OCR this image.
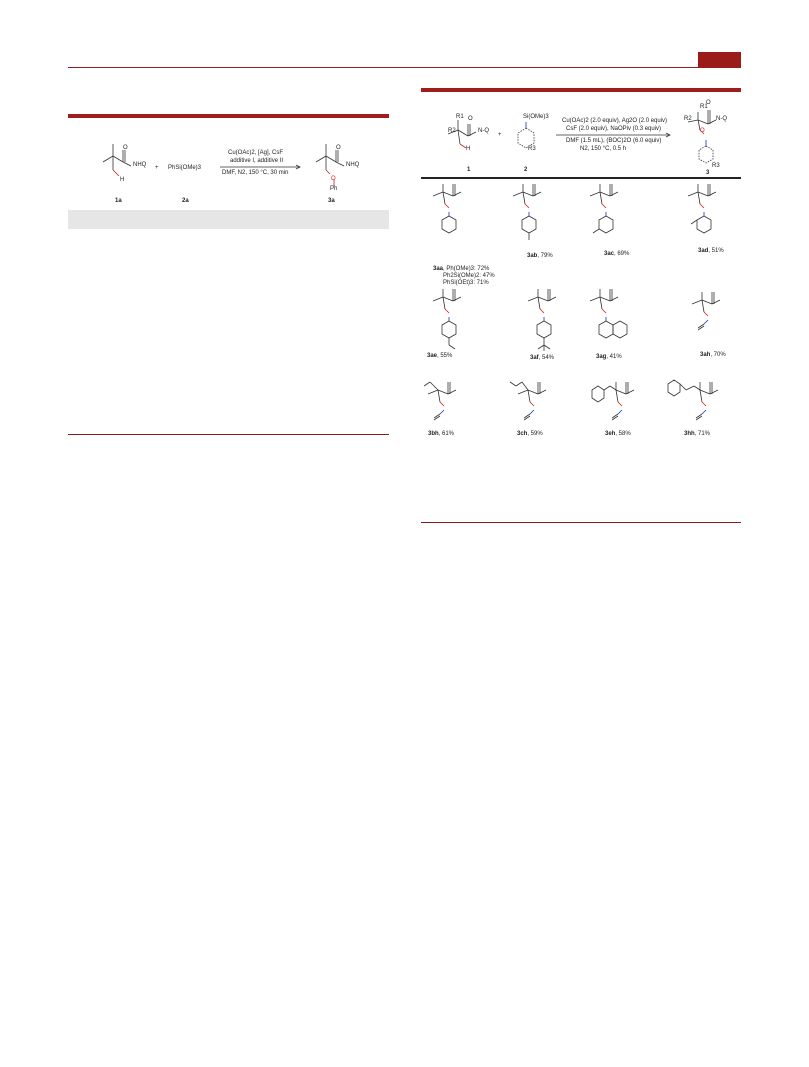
O
NHQ
H
1a
+ PhSi(OMe)3
2a
Cu(OAc)2, [Ag], CsF
additive I, additive II
DMF, N2, 150 °C, 30 min
O
NHQ
O
Ph
3a
R1
R2
O
N-Q
H
1
+
Si(OMe)3
R3
2
Cu(OAc)2 (2.0 equiv), Ag2O (2.0 equiv)
CsF (2.0 equiv), NaOPiv (0.3 equiv)
DMF (1.5 mL), (BOC)2O (6.0 equiv)
N2, 150 °C, 0.5 h
R1
R2
O
N-Q
O
R3
3
3aa, Ph(OMe)3: 72%
Ph2Si(OMe)2: 47%
PhSi(OEt)3: 71%
3ab, 79%	3ac, 69%	3ad, 51%
3ae, 55%	3af, 54%	3ag, 41%	3ah, 70%
3bh, 61%	3ch, 59%	3eh, 58%	3hh, 71%
